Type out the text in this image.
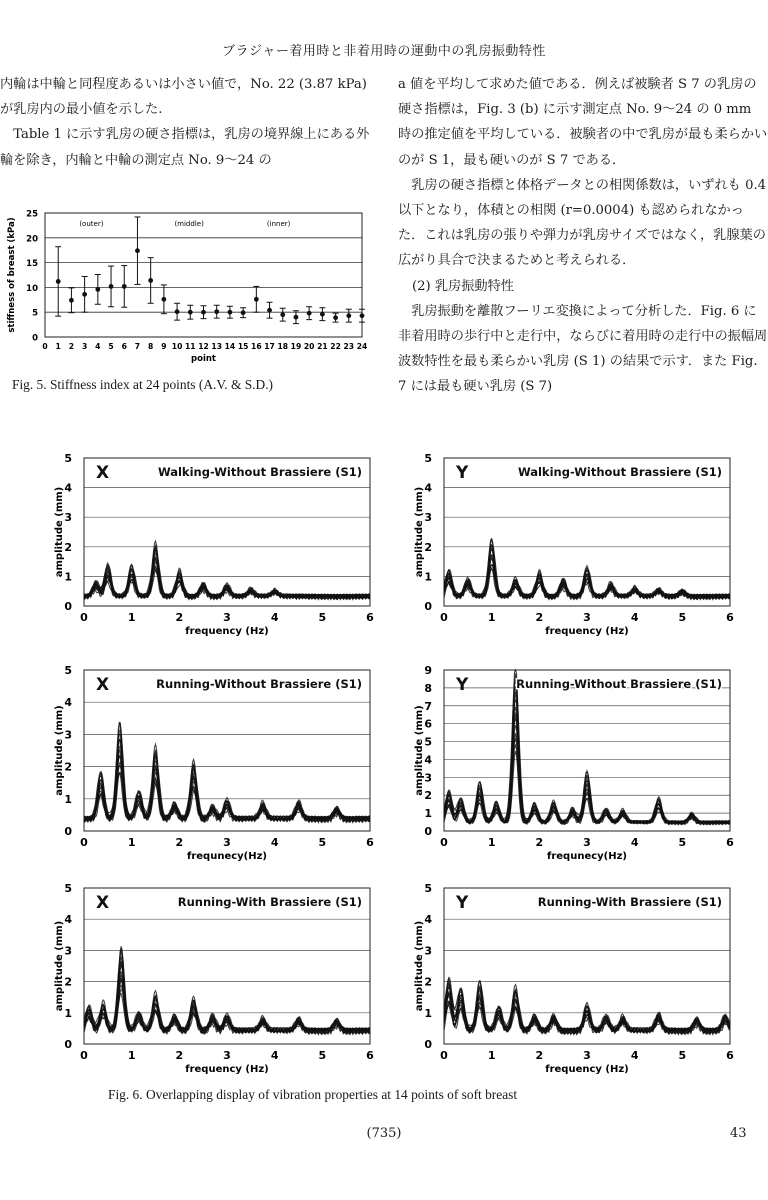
ブラジャー着用時と非着用時の運動中の乳房振動特性

内輪は中輪と同程度あるいは小さい値で，No. 22 (3.87 kPa) が乳房内の最小値を示した.

Table 1 に示す乳房の硬さ指標は，乳房の境界線上にある外輪を除き，内輪と中輪の測定点 No. 9～24 の

a 値を平均して求めた値である．例えば被験者 S 7 の乳房の硬さ指標は，Fig. 3 (b) に示す測定点 No. 9～24 の 0 mm 時の推定値を平均している．被験者の中で乳房が最も柔らかいのが S 1，最も硬いのが S 7 である．

乳房の硬さ指標と体格データとの相関係数は，いずれも 0.4 以下となり，体積との相関 (r=0.0004) も認められなかった．これは乳房の張りや弾力が乳房サイズではなく，乳腺葉の広がり具合で決まるためと考えられる．

(2) 乳房振動特性

乳房振動を離散フーリエ変換によって分析した．Fig. 6 に非着用時の歩行中と走行中，ならびに着用時の走行中の振幅周波数特性を最も柔らかい乳房 (S 1) の結果で示す．また Fig. 7 には最も硬い乳房 (S 7)

0
5
10
15
20
25
0 1 2 3 4 5 6 7 8 9 10 11 12 13 14 15 16 17 18 19 20 21 22 23 24
point
stiffness of breast (kPa)	(outer)	(middle)	(inner)
Fig. 5. Stiffness index at 24 points (A.V. & S.D.)
0
1
2
3
4
5
0	1	2	3	4	5	6
frequency (Hz)
amplitude (mm)
X	Walking-Without Brassiere (S1)
0
1
2
3
4
5
0	1	2	3	4	5	6
frequency (Hz)
amplitude (mm)
Y	Walking-Without Brassiere (S1)
0
1
2
3
4
5
0	1	2	3	4	5	6
frequnecy(Hz)
amplitude (mm)
X	Running-Without Brassiere (S1)
0
1
2
3
4
5
6
7
8
9
0	1	2	3	4	5	6
frequnecy(Hz)
amplitude (mm)
Y	Running-Without Brassiere (S1)
0
1
2
3
4
5
0	1	2	3	4	5	6
frequency (Hz)
amplitude (mm)
X	Running-With Brassiere (S1)
0
1
2
3
4
5
0	1	2	3	4	5	6
frequency (Hz)
amplitude (mm)
Y	Running-With Brassiere (S1)
Fig. 6. Overlapping display of vibration properties at 14 points of soft breast
(735)	43
